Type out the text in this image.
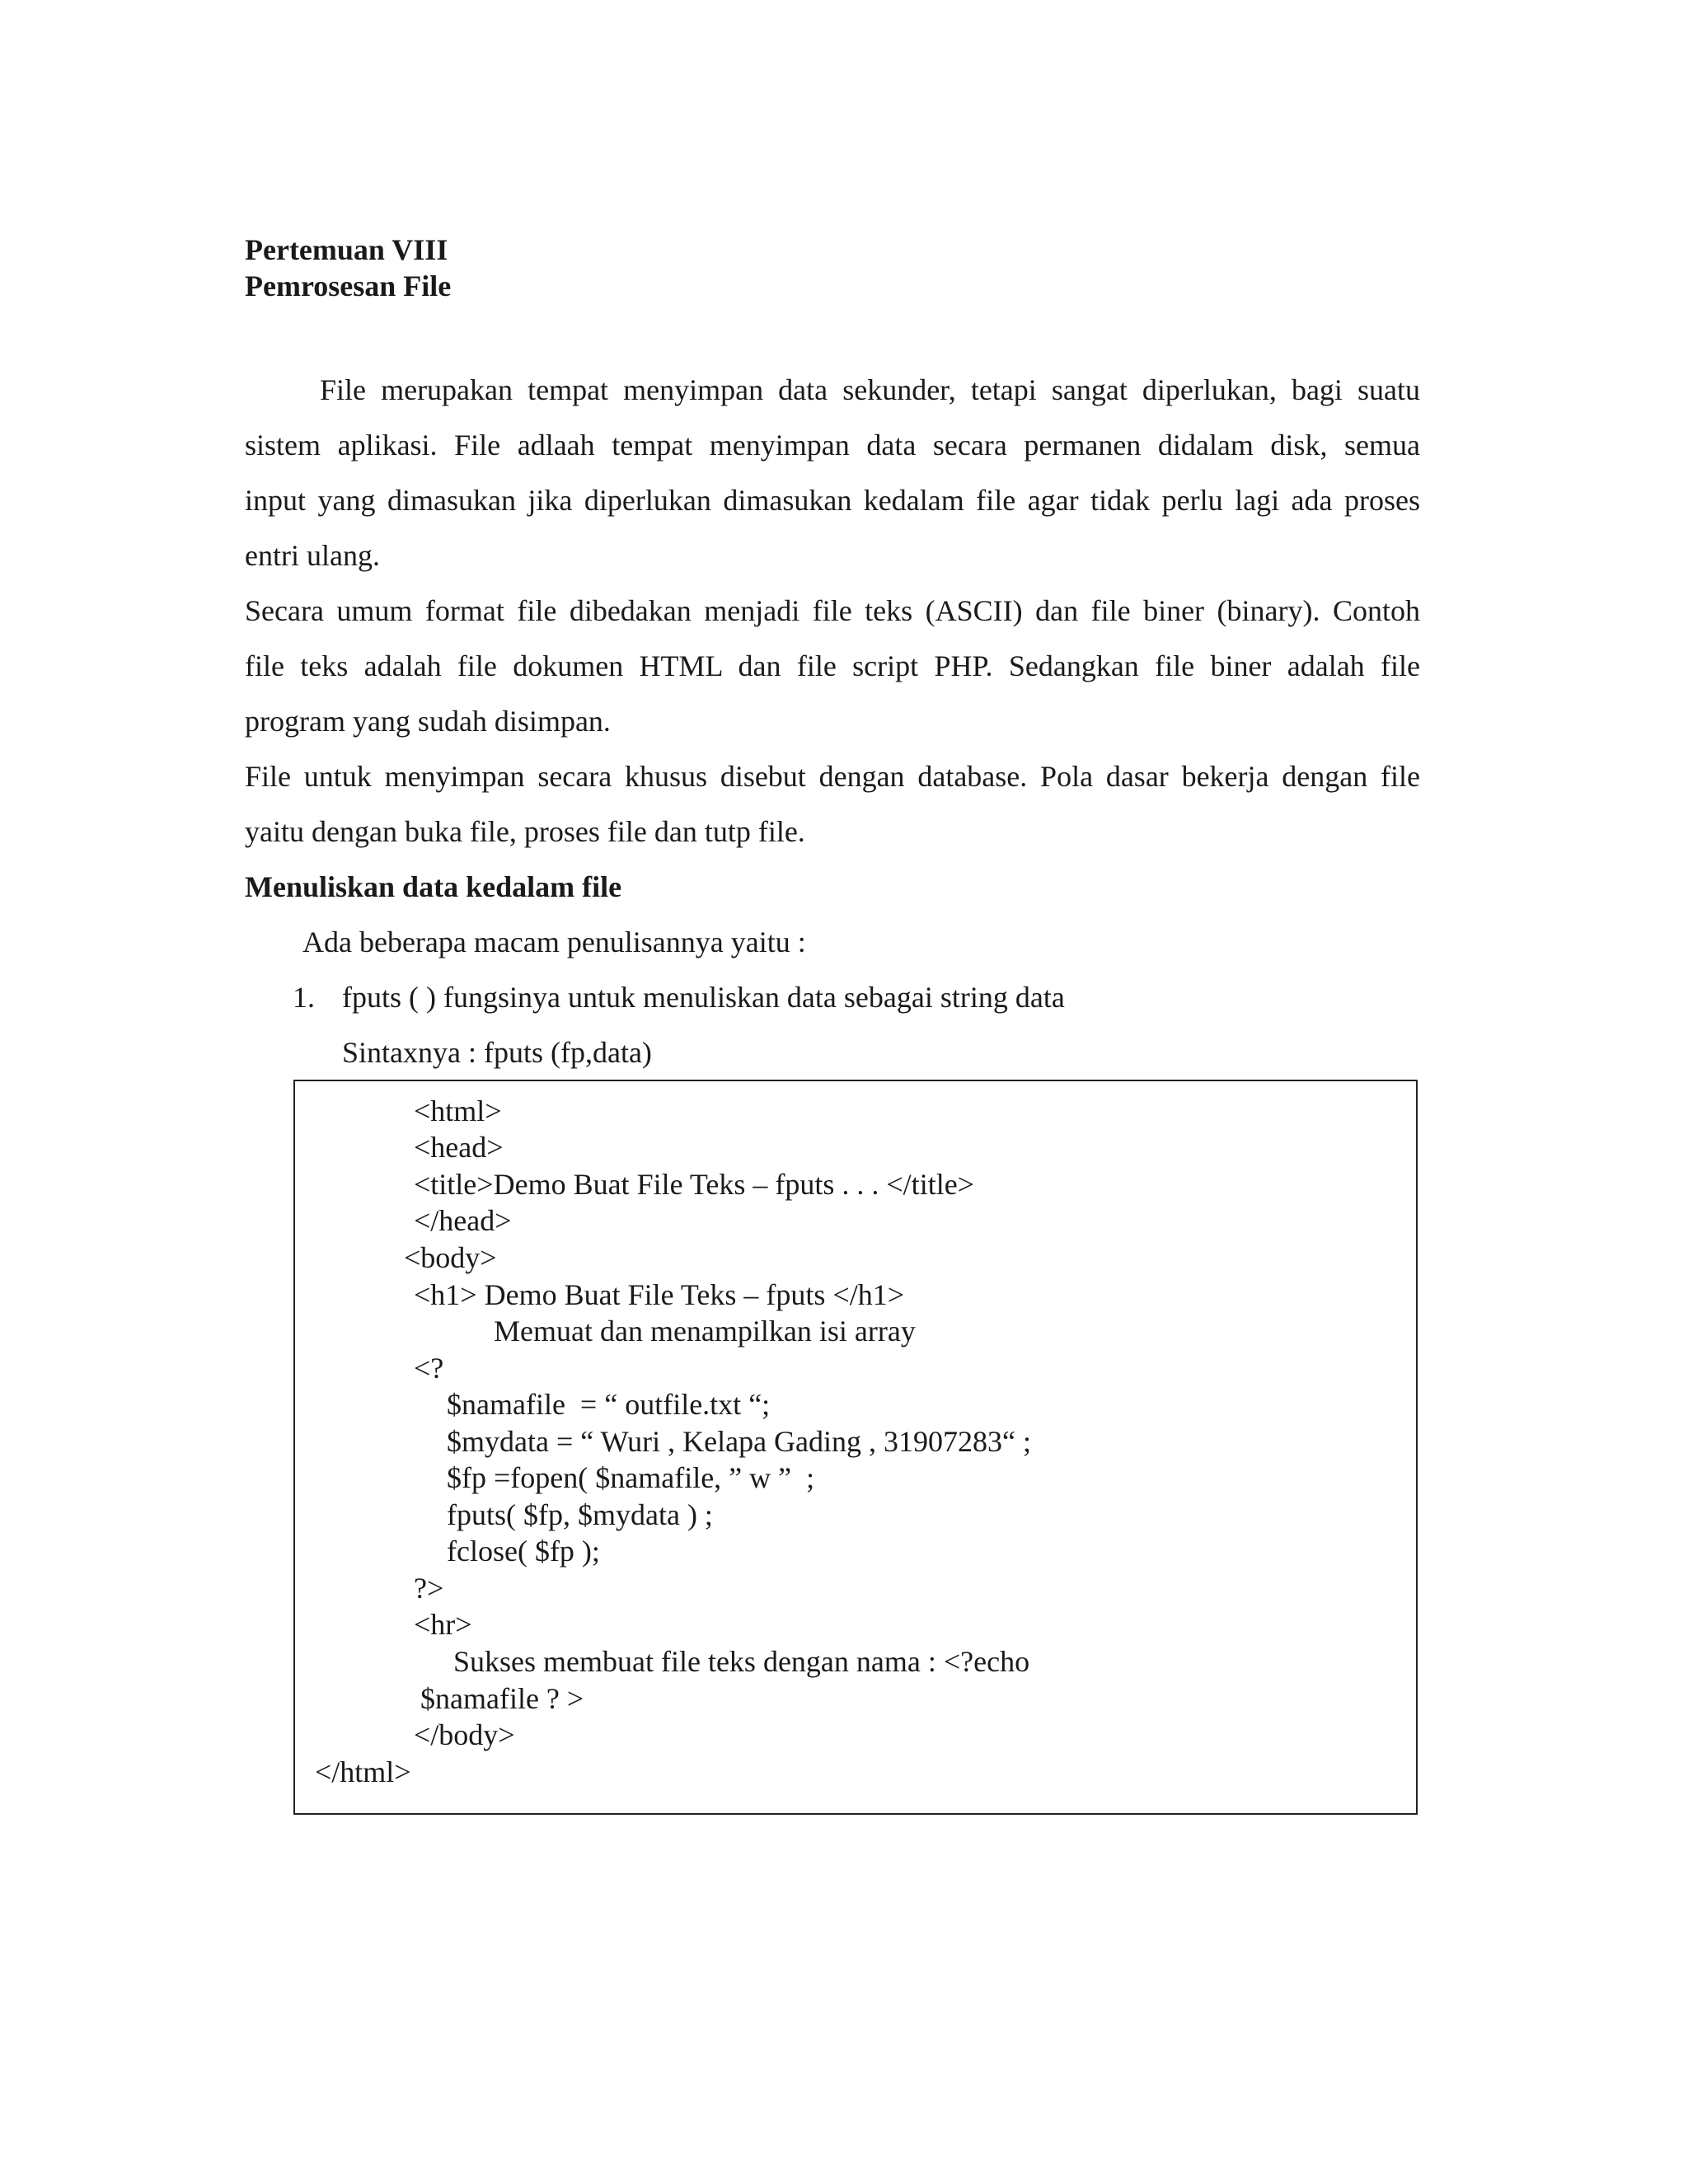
Pertemuan VIII
Pemrosesan File
File merupakan tempat menyimpan data sekunder, tetapi sangat diperlukan, bagi suatu
sistem aplikasi. File adlaah tempat menyimpan data secara permanen didalam disk, semua
input yang dimasukan jika diperlukan dimasukan kedalam file agar tidak perlu lagi ada proses
entri ulang.
Secara umum format file dibedakan menjadi file teks (ASCII) dan file biner (binary). Contoh
file teks adalah file dokumen HTML dan file script PHP. Sedangkan file biner adalah file
program yang sudah disimpan.
File untuk menyimpan secara khusus disebut dengan database. Pola dasar bekerja dengan file
yaitu dengan buka file, proses file dan tutp file.
Menuliskan data kedalam file
Ada beberapa macam penulisannya yaitu :
1. fputs ( ) fungsinya untuk menuliskan data sebagai string data
Sintaxnya : fputs (fp,data)
<html>
<head>
<title>Demo Buat File Teks – fputs . . . </title>
</head>
<body>
<h1> Demo Buat File Teks – fputs </h1>
Memuat dan menampilkan isi array
<?
$namafile  = “ outfile.txt “;
$mydata = “ Wuri , Kelapa Gading , 31907283“ ;
$fp =fopen( $namafile, ” w ”  ;
fputs( $fp, $mydata ) ;
fclose( $fp );
?>
<hr>
Sukses membuat file teks dengan nama : <?echo
$namafile ? >
</body>
</html>
